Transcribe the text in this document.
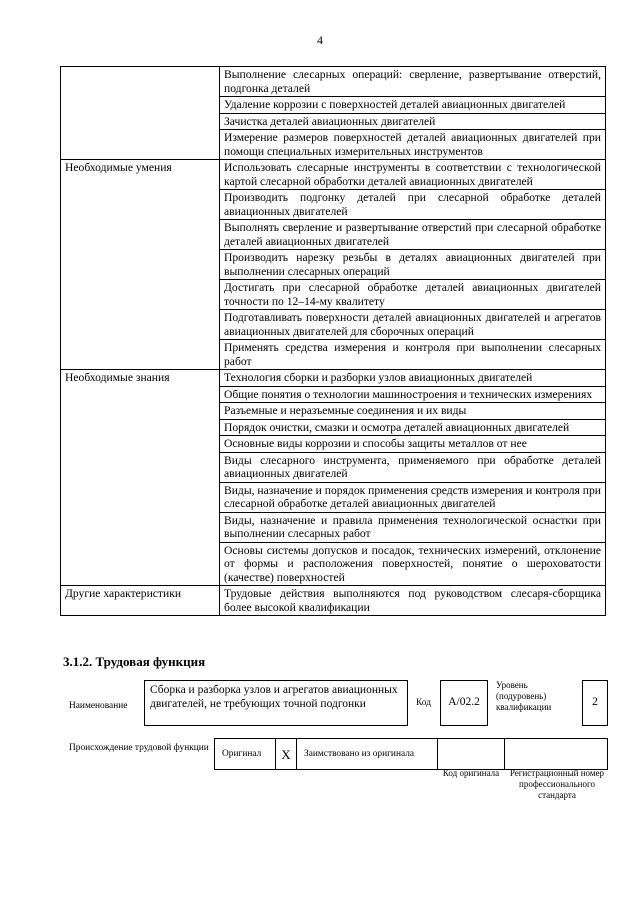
4
	Выполнение слесарных операций: сверление, развертывание отверстий, подгонка деталей
	Удаление коррозии с поверхностей деталей авиационных двигателей
	Зачистка деталей авиационных двигателей
	Измерение размеров поверхностей деталей авиационных двигателей при помощи специальных измерительных инструментов
Необходимые умения	Использовать слесарные инструменты в соответствии с технологической картой слесарной обработки деталей авиационных двигателей
	Производить подгонку деталей при слесарной обработке деталей авиационных двигателей
	Выполнять сверление и развертывание отверстий при слесарной обработке деталей авиационных двигателей
	Производить нарезку резьбы в деталях авиационных двигателей при выполнении слесарных операций
	Достигать при слесарной обработке деталей авиационных двигателей точности по 12–14-му квалитету
	Подготавливать поверхности деталей авиационных двигателей и агрегатов авиационных двигателей для сборочных операций
	Применять средства измерения и контроля при выполнении слесарных работ
Необходимые знания	Технология сборки и разборки узлов авиационных двигателей
	Общие понятия о технологии машиностроения и технических измерениях
	Разъемные и неразъемные соединения и их виды
	Порядок очистки, смазки и осмотра деталей авиационных двигателей
	Основные виды коррозии и способы защиты металлов от нее
	Виды слесарного инструмента, применяемого при обработке деталей авиационных двигателей
	Виды, назначение и порядок применения средств измерения и контроля при слесарной обработке деталей авиационных двигателей
	Виды, назначение и правила применения технологической оснастки при выполнении слесарных работ
	Основы системы допусков и посадок, технических измерений, отклонение от формы и расположения поверхностей, понятие о шероховатости (качестве) поверхностей
Другие характеристики	Трудовые действия выполняются под руководством слесаря-сборщика более высокой квалификации
3.1.2. Трудовая функция
Наименование
Сборка и разборка узлов и агрегатов авиационных двигателей, не требующих точной подгонки	Код	А/02.2
Уровень (подуровень) квалификации	2
Происхождение трудовой функции
Оригинал	X	Заимствовано из оригинала
Код оригинала	Регистрационный номер профессионального стандарта
